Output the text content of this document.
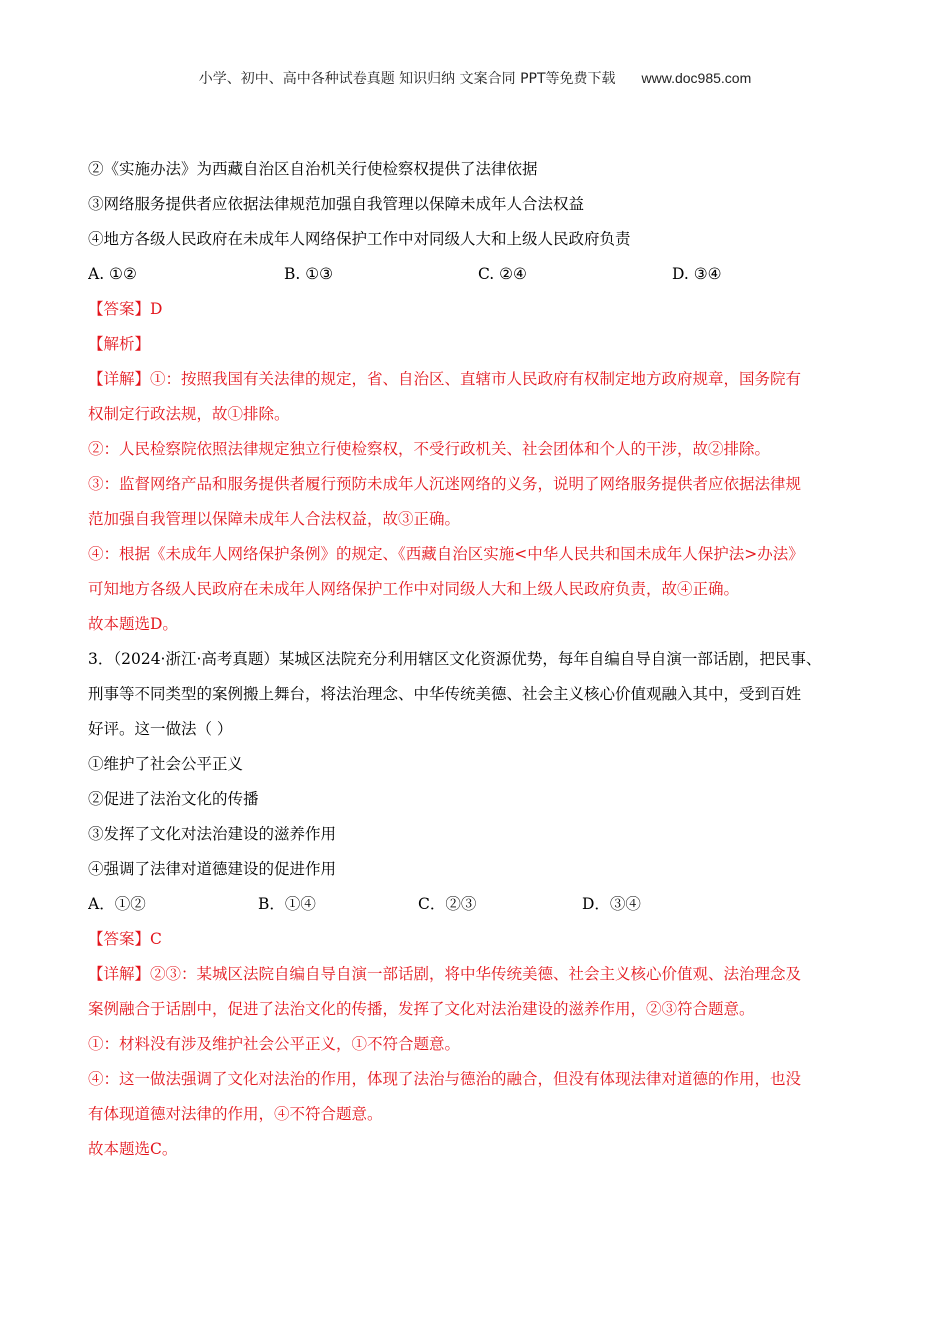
小学、初中、高中各种试卷真题 知识归纳 文案合同 PPT等免费下载 www.doc985.com
②《实施办法》为西藏自治区自治机关行使检察权提供了法律依据
③网络服务提供者应依据法律规范加强自我管理以保障未成年人合法权益
④地方各级人民政府在未成年人网络保护工作中对同级人大和上级人民政府负责
A. ①②	B. ①③	C. ②④	D. ③④
【答案】D
【解析】
【详解】①：按照我国有关法律的规定，省、自治区、直辖市人民政府有权制定地方政府规章，国务院有
权制定行政法规，故①排除。
②：人民检察院依照法律规定独立行使检察权，不受行政机关、社会团体和个人的干涉，故②排除。
③：监督网络产品和服务提供者履行预防未成年人沉迷网络的义务，说明了网络服务提供者应依据法律规
范加强自我管理以保障未成年人合法权益，故③正确。
④：根据《未成年人网络保护条例》的规定、《西藏自治区实施<中华人民共和国未成年人保护法>办法》
可知地方各级人民政府在未成年人网络保护工作中对同级人大和上级人民政府负责，故④正确。
故本题选D。
3．（2024·浙江·高考真题）某城区法院充分利用辖区文化资源优势，每年自编自导自演一部话剧，把民事、
刑事等不同类型的案例搬上舞台，将法治理念、中华传统美德、社会主义核心价值观融入其中，受到百姓
好评。这一做法（ ）
①维护了社会公平正义
②促进了法治文化的传播
③发挥了文化对法治建设的滋养作用
④强调了法律对道德建设的促进作用
A．①②	B．①④	C．②③	D．③④
【答案】C
【详解】②③：某城区法院自编自导自演一部话剧，将中华传统美德、社会主义核心价值观、法治理念及
案例融合于话剧中，促进了法治文化的传播，发挥了文化对法治建设的滋养作用，②③符合题意。
①：材料没有涉及维护社会公平正义，①不符合题意。
④：这一做法强调了文化对法治的作用，体现了法治与德治的融合，但没有体现法律对道德的作用，也没
有体现道德对法律的作用，④不符合题意。
故本题选C。
